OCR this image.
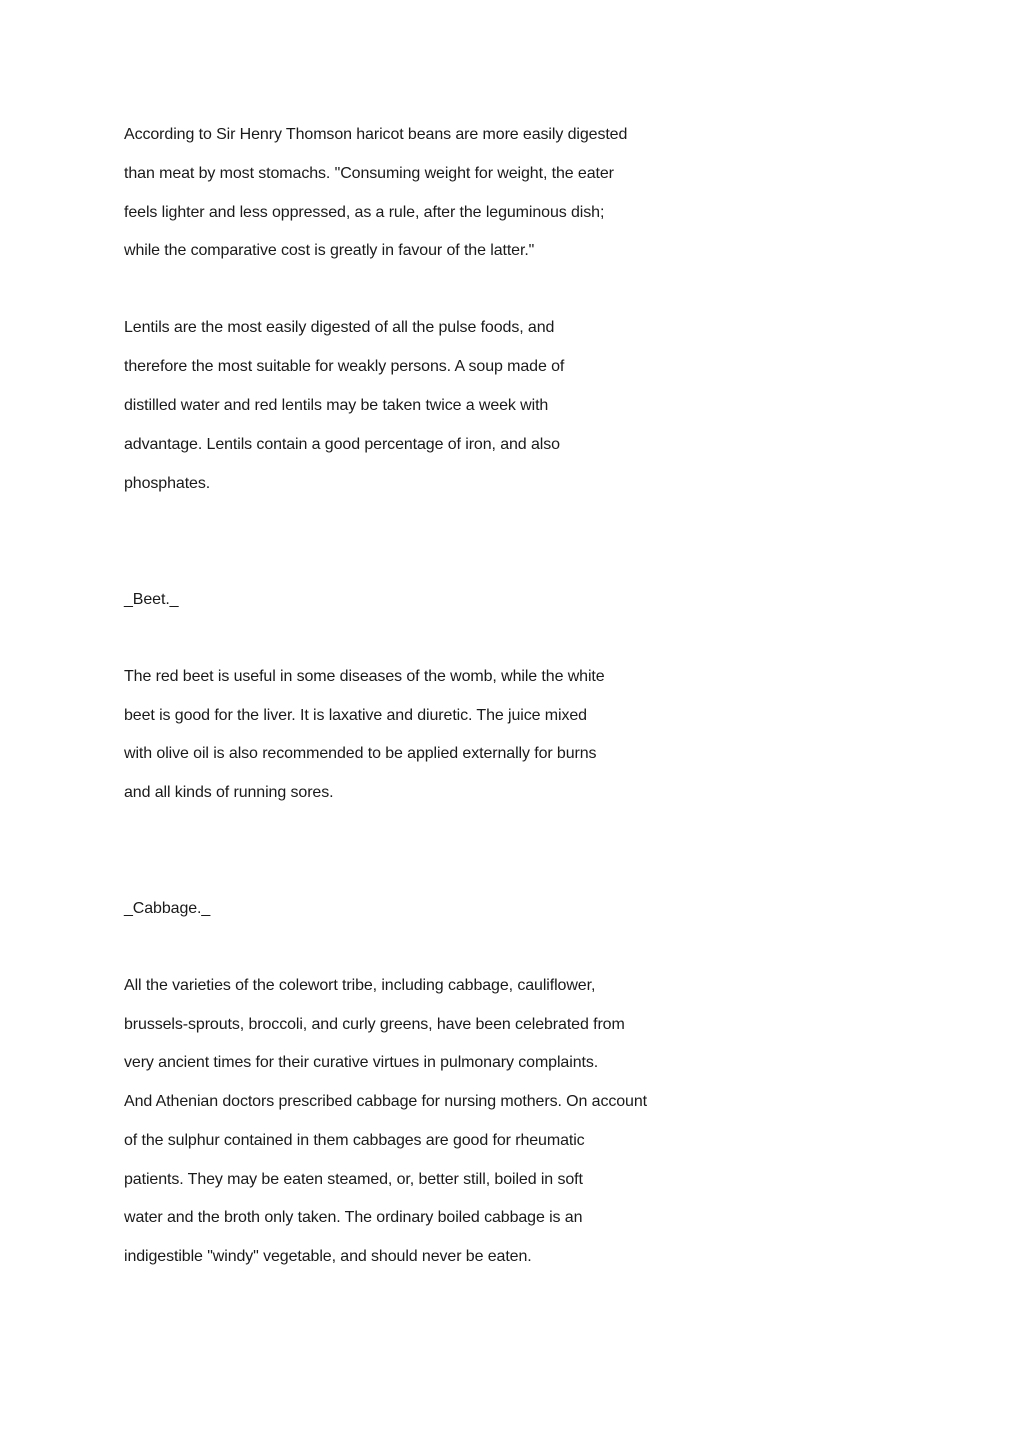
According to Sir Henry Thomson haricot beans are more easily digested
than meat by most stomachs. "Consuming weight for weight, the eater
feels lighter and less oppressed, as a rule, after the leguminous dish;
while the comparative cost is greatly in favour of the latter."
Lentils are the most easily digested of all the pulse foods, and
therefore the most suitable for weakly persons. A soup made of
distilled water and red lentils may be taken twice a week with
advantage. Lentils contain a good percentage of iron, and also
phosphates.
_Beet._
The red beet is useful in some diseases of the womb, while the white
beet is good for the liver. It is laxative and diuretic. The juice mixed
with olive oil is also recommended to be applied externally for burns
and all kinds of running sores.
_Cabbage._
All the varieties of the colewort tribe, including cabbage, cauliflower,
brussels-sprouts, broccoli, and curly greens, have been celebrated from
very ancient times for their curative virtues in pulmonary complaints.
And Athenian doctors prescribed cabbage for nursing mothers. On account
of the sulphur contained in them cabbages are good for rheumatic
patients. They may be eaten steamed, or, better still, boiled in soft
water and the broth only taken. The ordinary boiled cabbage is an
indigestible "windy" vegetable, and should never be eaten.
